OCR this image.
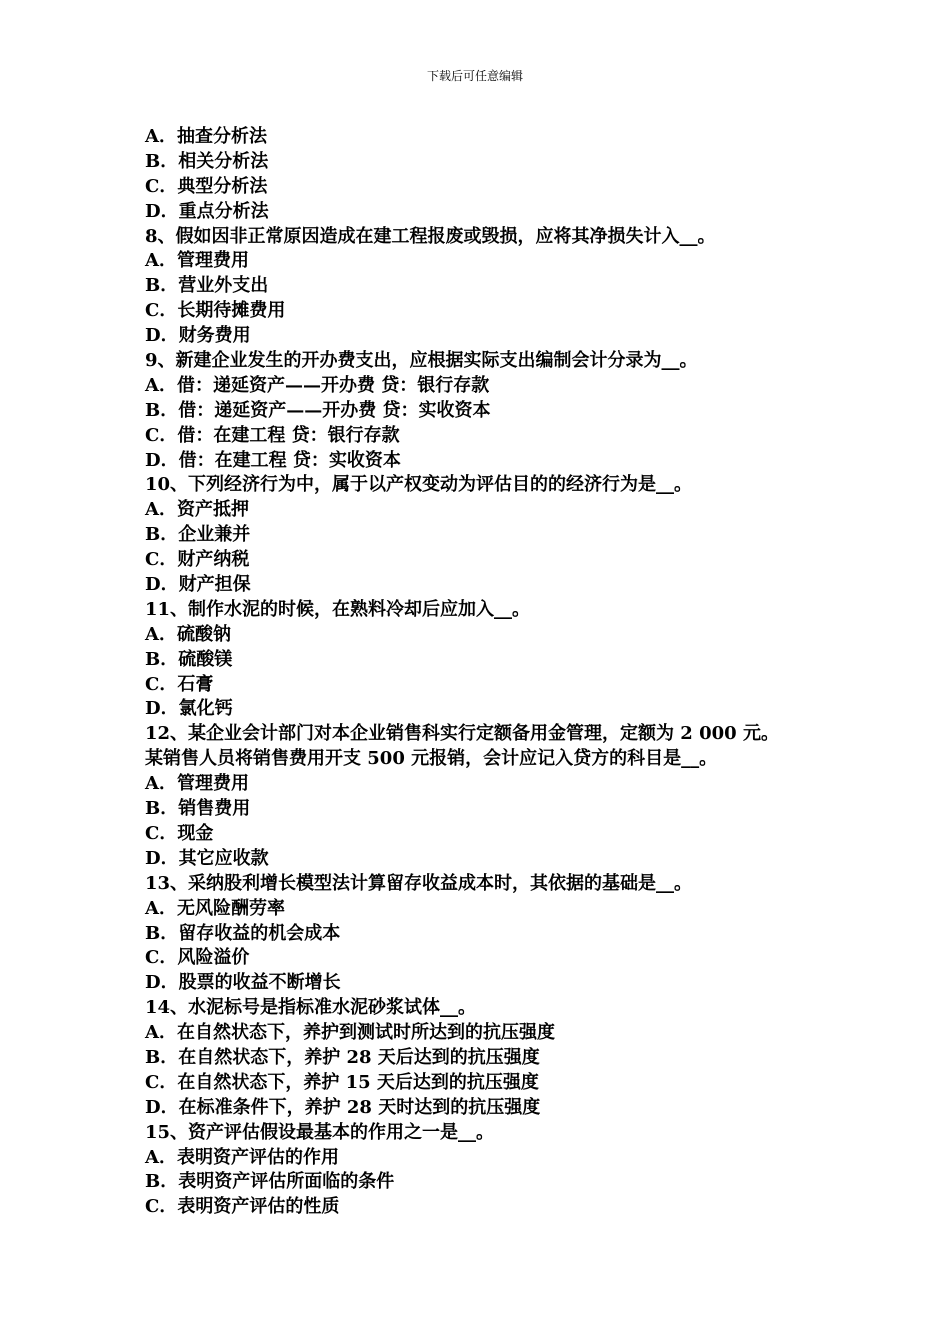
下载后可任意编辑
A．抽查分析法
B．相关分析法
C．典型分析法
D．重点分析法
8、假如因非正常原因造成在建工程报废或毁损，应将其净损失计入__。
A．管理费用
B．营业外支出
C．长期待摊费用
D．财务费用
9、新建企业发生的开办费支出，应根据实际支出编制会计分录为__。
A．借：递延资产——开办费 贷：银行存款
B．借：递延资产——开办费 贷：实收资本
C．借：在建工程 贷：银行存款
D．借：在建工程 贷：实收资本
10、下列经济行为中，属于以产权变动为评估目的的经济行为是__。
A．资产抵押
B．企业兼并
C．财产纳税
D．财产担保
11、制作水泥的时候，在熟料冷却后应加入__。
A．硫酸钠
B．硫酸镁
C．石膏
D．氯化钙
12、某企业会计部门对本企业销售科实行定额备用金管理，定额为 2 000 元。
某销售人员将销售费用开支 500 元报销，会计应记入贷方的科目是__。
A．管理费用
B．销售费用
C．现金
D．其它应收款
13、采纳股利增长模型法计算留存收益成本时，其依据的基础是__。
A．无风险酬劳率
B．留存收益的机会成本
C．风险溢价
D．股票的收益不断增长
14、水泥标号是指标准水泥砂浆试体__。
A．在自然状态下，养护到测试时所达到的抗压强度
B．在自然状态下，养护 28 天后达到的抗压强度
C．在自然状态下，养护 15 天后达到的抗压强度
D．在标准条件下，养护 28 天时达到的抗压强度
15、资产评估假设最基本的作用之一是__。
A．表明资产评估的作用
B．表明资产评估所面临的条件
C．表明资产评估的性质
